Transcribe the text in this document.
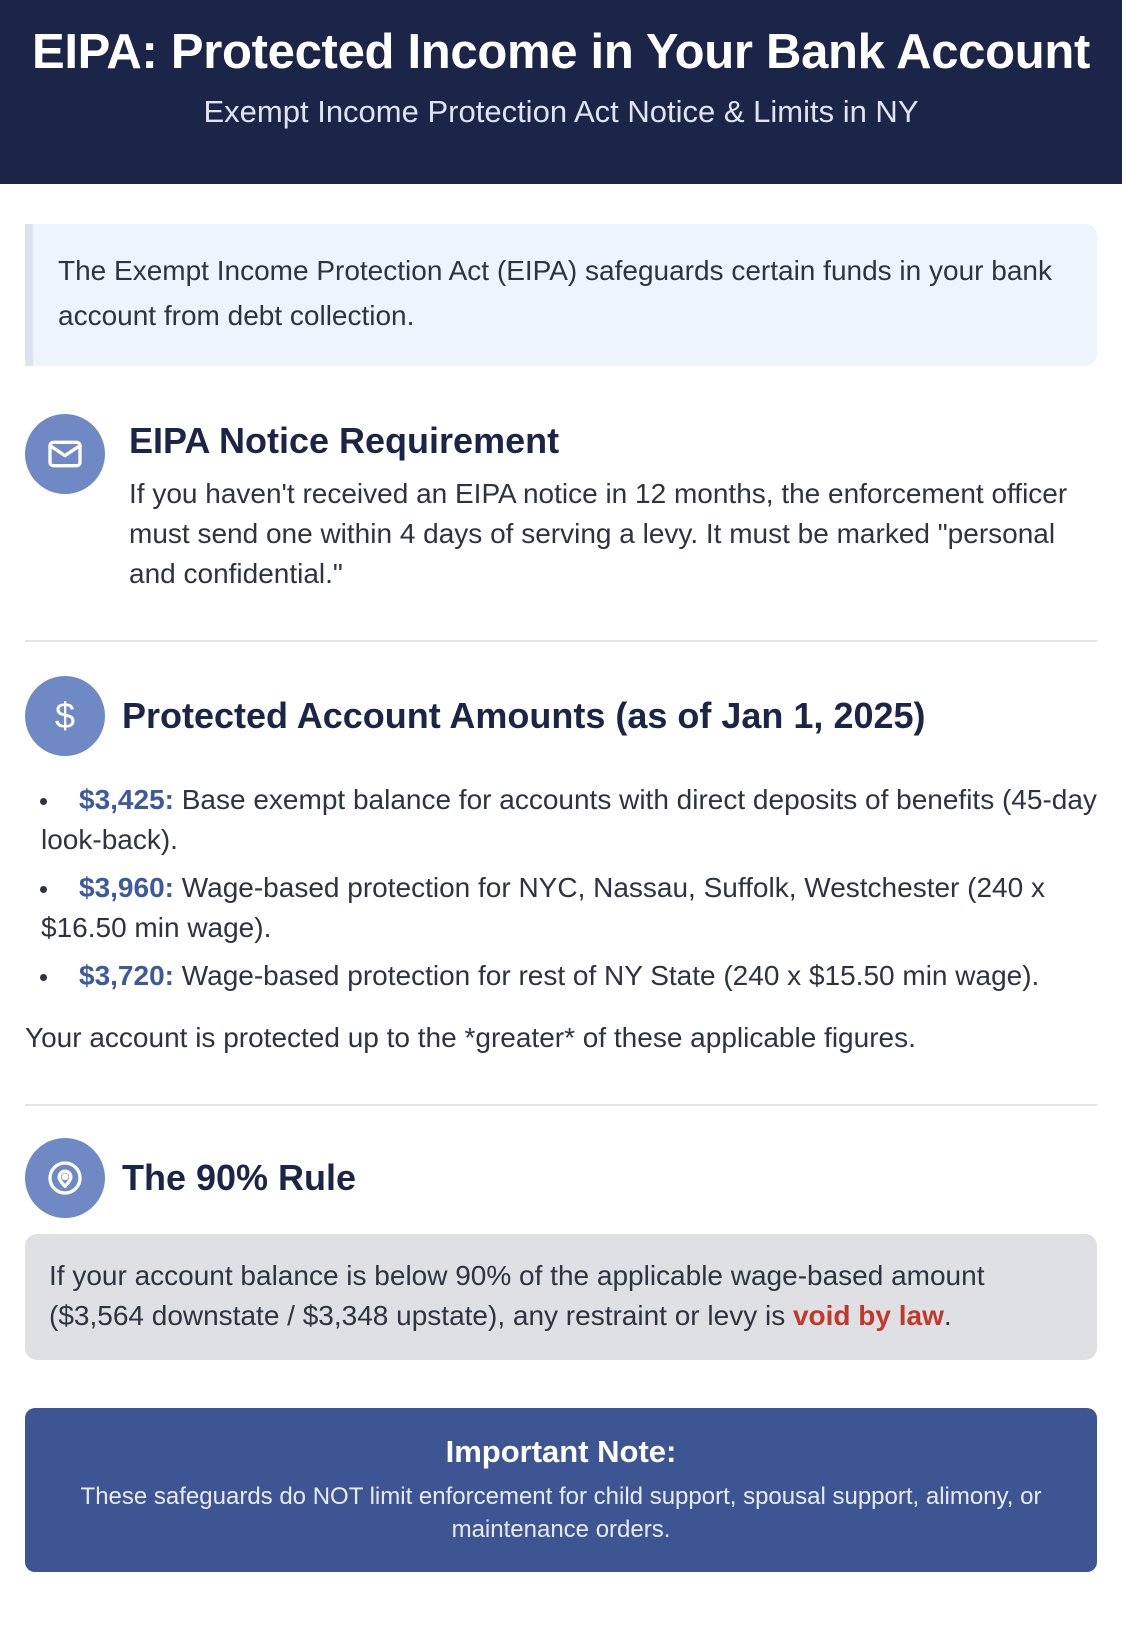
EIPA: Protected Income in Your Bank Account
Exempt Income Protection Act Notice & Limits in NY
The Exempt Income Protection Act (EIPA) safeguards certain funds in your bank account from debt collection.
EIPA Notice Requirement
If you haven't received an EIPA notice in 12 months, the enforcement officer must send one within 4 days of serving a levy. It must be marked "personal and confidential."
$ Protected Account Amounts (as of Jan 1, 2025)
$3,425: Base exempt balance for accounts with direct deposits of benefits (45-day look-back).
$3,960: Wage-based protection for NYC, Nassau, Suffolk, Westchester (240 x $16.50 min wage).
$3,720: Wage-based protection for rest of NY State (240 x $15.50 min wage).
Your account is protected up to the *greater* of these applicable figures.
The 90% Rule
If your account balance is below 90% of the applicable wage-based amount ($3,564 downstate / $3,348 upstate), any restraint or levy is void by law.
Important Note:
These safeguards do NOT limit enforcement for child support, spousal support, alimony, or maintenance orders.
